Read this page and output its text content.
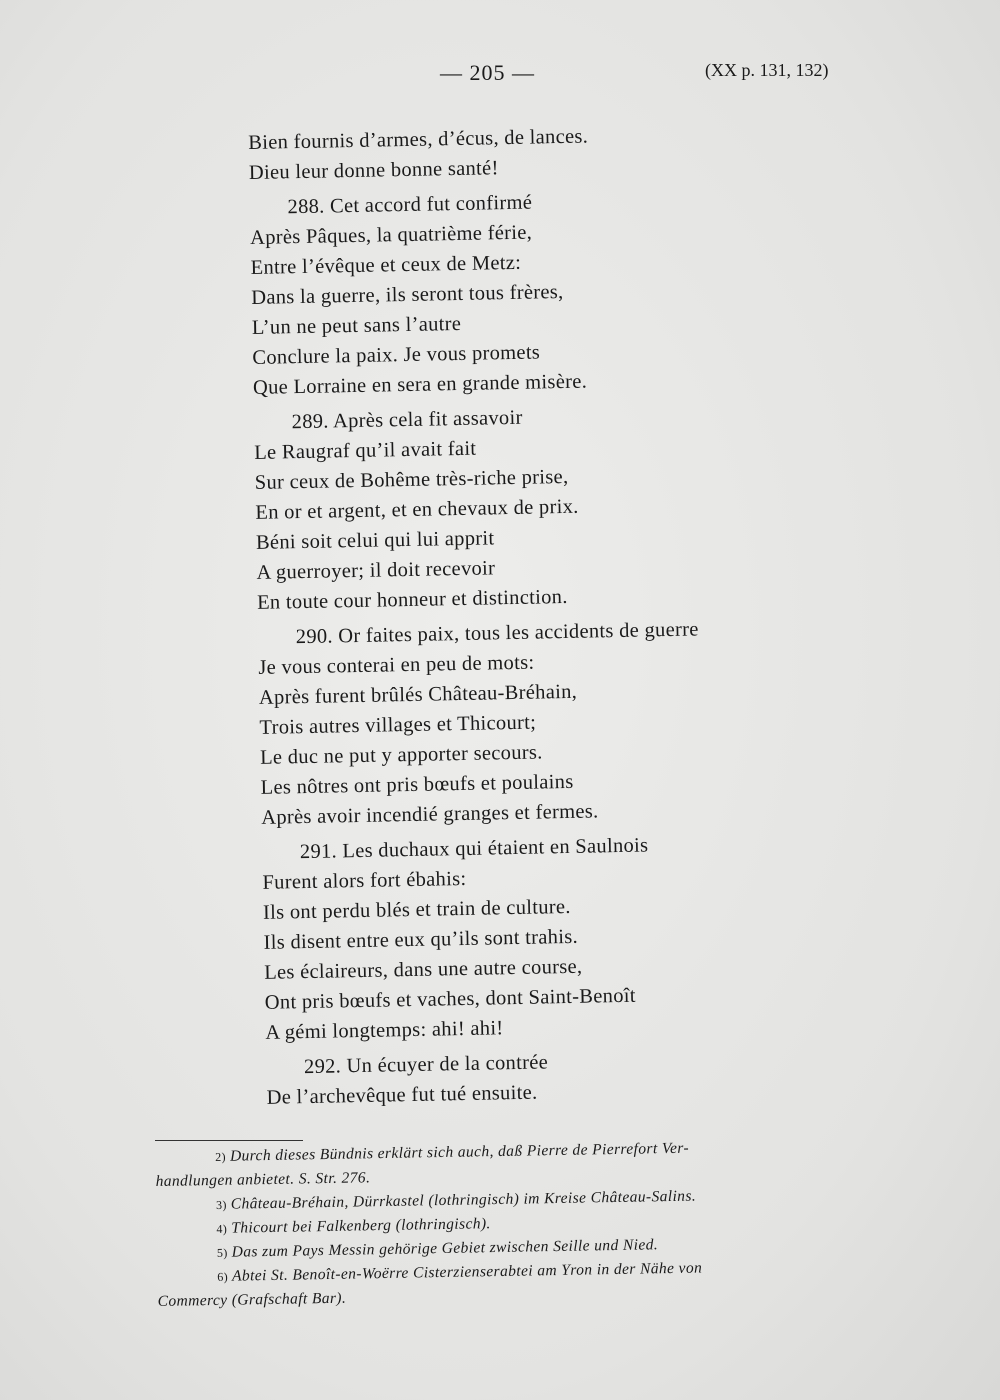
— 205 —	(XX p. 131, 132)
Bien fournis d’armes, d’écus, de lances.
Dieu leur donne bonne santé!
288. Cet accord fut confirmé
Après Pâques, la quatrième férie,
Entre l’évêque et ceux de Metz:
Dans la guerre, ils seront tous frères,
L’un ne peut sans l’autre
Conclure la paix. Je vous promets
Que Lorraine en sera en grande misère.
289. Après cela fit assavoir
Le Raugraf qu’il avait fait
Sur ceux de Bohême très-riche prise,
En or et argent, et en chevaux de prix.
Béni soit celui qui lui apprit
A guerroyer; il doit recevoir
En toute cour honneur et distinction.
290. Or faites paix, tous les accidents de guerre
Je vous conterai en peu de mots:
Après furent brûlés Château-Bréhain,
Trois autres villages et Thicourt;
Le duc ne put y apporter secours.
Les nôtres ont pris bœufs et poulains
Après avoir incendié granges et fermes.
291. Les duchaux qui étaient en Saulnois
Furent alors fort ébahis:
Ils ont perdu blés et train de culture.
Ils disent entre eux qu’ils sont trahis.
Les éclaireurs, dans une autre course,
Ont pris bœufs et vaches, dont Saint-Benoît
A gémi longtemps: ahi! ahi!
292. Un écuyer de la contrée
De l’archevêque fut tué ensuite.
2) Durch dieses Bündnis erklärt sich auch, daß Pierre de Pierrefort Ver-
handlungen anbietet. S. Str. 276.
3) Château-Bréhain, Dürrkastel (lothringisch) im Kreise Château-Salins.
4) Thicourt bei Falkenberg (lothringisch).
5) Das zum Pays Messin gehörige Gebiet zwischen Seille und Nied.
6) Abtei St. Benoît-en-Woërre Cisterzienserabtei am Yron in der Nähe von
Commercy (Grafschaft Bar).
